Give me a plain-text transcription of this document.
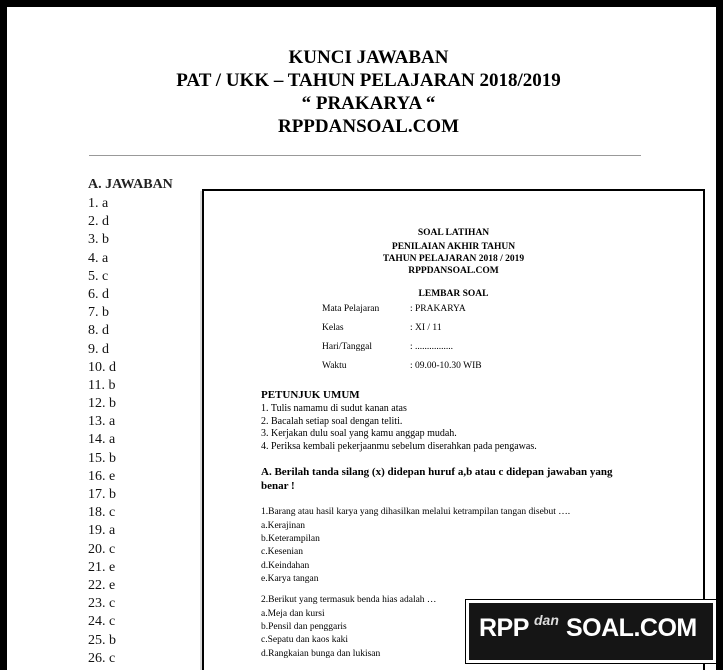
KUNCI JAWABAN
PAT / UKK – TAHUN PELAJARAN 2018/2019
“ PRAKARYA “
RPPDANSOAL.COM
A. JAWABAN
1. a
2. d
3. b
4. a
5. c
6. d
7. b
8. d
9. d
10. d
11. b
12. b
13. a
14. a
15. b
16. e
17. b
18. c
19. a
20. c
21. e
22. e
23. c
24. c
25. b
26. c
SOAL LATIHAN
PENILAIAN AKHIR TAHUN
TAHUN PELAJARAN 2018 / 2019
RPPDANSOAL.COM
LEMBAR SOAL
Mata Pelajaran	: PRAKARYA
Kelas	: XI / 11
Hari/Tanggal	: ................
Waktu	: 09.00-10.30 WIB
PETUNJUK UMUM
1. Tulis namamu di sudut kanan atas
2. Bacalah setiap soal dengan teliti.
3. Kerjakan dulu soal yang kamu anggap mudah.
4. Periksa kembali pekerjaanmu sebelum diserahkan pada pengawas.
A. Berilah tanda silang (x) didepan huruf a,b atau c didepan jawaban yang
benar !
1.Barang atau hasil karya yang dihasilkan melalui ketrampilan tangan disebut ….
a.Kerajinan
b.Keterampilan
c.Kesenian
d.Keindahan
e.Karya tangan
2.Berikut yang termasuk benda hias adalah …
a.Meja dan kursi
b.Pensil dan penggaris
c.Sepatu dan kaos kaki
d.Rangkaian bunga dan lukisan
RPP dan SOAL.COM
